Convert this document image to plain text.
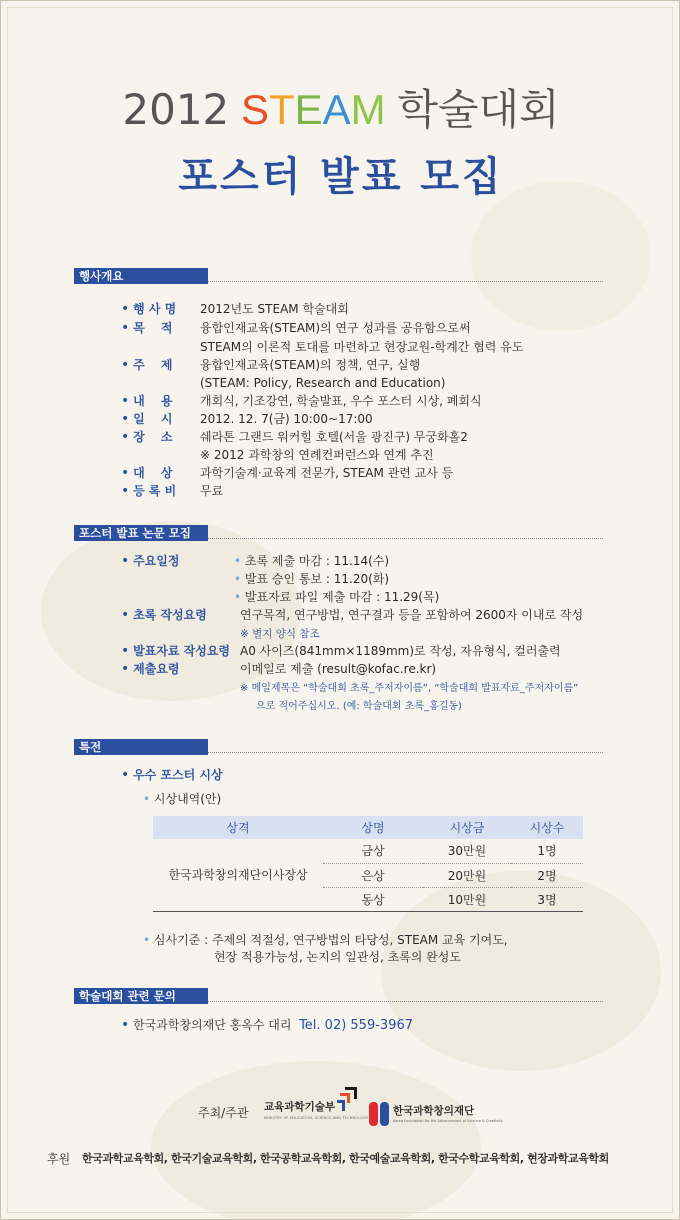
2012 STEAM 학술대회
포스터 발표 모집
행사개요
• 행 사 명 2012년도 STEAM 학술대회
• 목　 적 융합인재교육(STEAM)의 연구 성과를 공유함으로써
STEAM의 이론적 토대를 마련하고 현장교원-학계간 협력 유도
• 주　 제 융합인재교육(STEAM)의 정책, 연구, 실행
(STEAM: Policy, Research and Education)
• 내　 용 개회식, 기조강연, 학술발표, 우수 포스터 시상, 폐회식
• 일　 시 2012. 12. 7(금) 10:00~17:00
• 장　 소 쉐라톤 그랜드 워커힐 호텔(서울 광진구) 무궁화홀2
※ 2012 과학창의 연례컨퍼런스와 연계 추진
• 대　 상 과학기술계·교육계 전문가, STEAM 관련 교사 등
• 등 록 비 무료
포스터 발표 논문 모집
• 주요일정	• 초록 제출 마감 : 11.14(수)
• 발표 승인 통보 : 11.20(화)
• 발표자료 파일 제출 마감 : 11.29(목)
• 초록 작성요령	연구목적, 연구방법, 연구결과 등을 포함하여 2600자 이내로 작성
※ 별지 양식 참조
• 발표자료 작성요령 A0 사이즈(841mm×1189mm)로 작성, 자유형식, 컬러출력
• 제출요령	이메일로 제출 (result@kofac.re.kr)
※ 메일제목은 “학술대회 초록_주저자이름”, “학술대회 발표자료_주저자이름”
으로 적어주십시오. (예: 학술대회 초록_홍길동)
특전
• 우수 포스터 시상
• 시상내역(안)
상격	상명	시상금	시상수
한국과학창의재단이사장상	금상	30만원	1명
	은상	20만원	2명
	동상	10만원	3명
• 심사기준 : 주제의 적절성, 연구방법의 타당성, STEAM 교육 기여도,
현장 적용가능성, 논지의 일관성, 초록의 완성도
학술대회 관련 문의
• 한국과학창의재단 홍옥수 대리 Tel. 02) 559-3967
주최/주관 교육과학기술부
MINISTRY OF EDUCATION, SCIENCE AND TECHNOLOGY
한국과학창의재단
Korea Foundation for the Advancement of Science & Creativity
후원 한국과학교육학회, 한국기술교육학회, 한국공학교육학회, 한국예술교육학회, 한국수학교육학회, 현장과학교육학회
